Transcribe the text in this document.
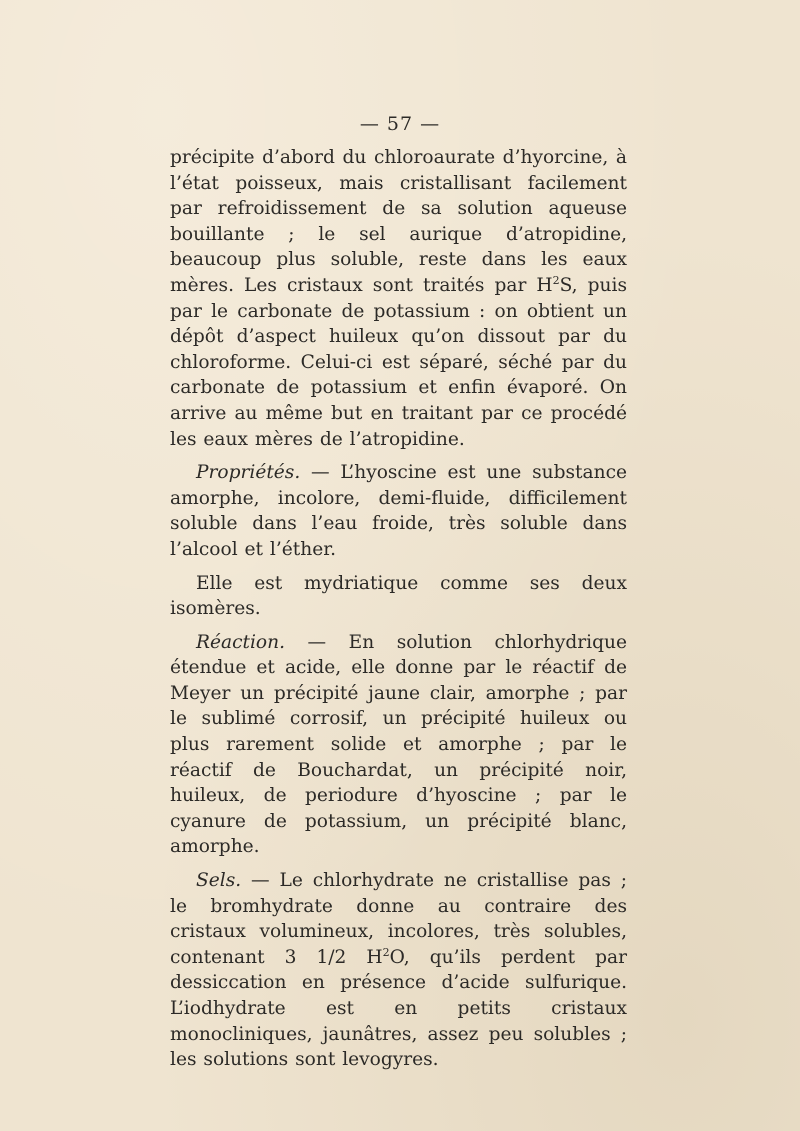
— 57 —

précipite d’abord du chloroaurate d’hyorcine, à l’état poisseux, mais cristallisant facilement par refroidissement de sa solution aqueuse bouillante ; le sel aurique d’atropidine, beaucoup plus soluble, reste dans les eaux mères. Les cristaux sont traités par $H^2S$, puis par le carbonate de potassium : on obtient un dépôt d’aspect huileux qu’on dissout par du chloroforme. Celui-ci est séparé, séché par du carbonate de potassium et enfin évaporé. On arrive au même but en traitant par ce procédé les eaux mères de l’atropidine.

Propriétés. — L’hyoscine est une substance amorphe, incolore, demi-fluide, difficilement soluble dans l’eau froide, très soluble dans l’alcool et l’éther.

Elle est mydriatique comme ses deux isomères.

Réaction. — En solution chlorhydrique étendue et acide, elle donne par le réactif de Meyer un précipité jaune clair, amorphe ; par le sublimé corrosif, un précipité huileux ou plus rarement solide et amorphe ; par le réactif de Bouchardat, un précipité noir, huileux, de periodure d’hyoscine ; par le cyanure de potassium, un précipité blanc, amorphe.

Sels. — Le chlorhydrate ne cristallise pas ; le bromhydrate donne au contraire des cristaux volumineux, incolores, très solubles, contenant 3 1/2 $H^2O$, qu’ils perdent par dessiccation en présence d’acide sulfurique. L’iodhydrate est en petits cristaux monocliniques, jaunâtres, assez peu solubles ; les solutions sont levogyres.
